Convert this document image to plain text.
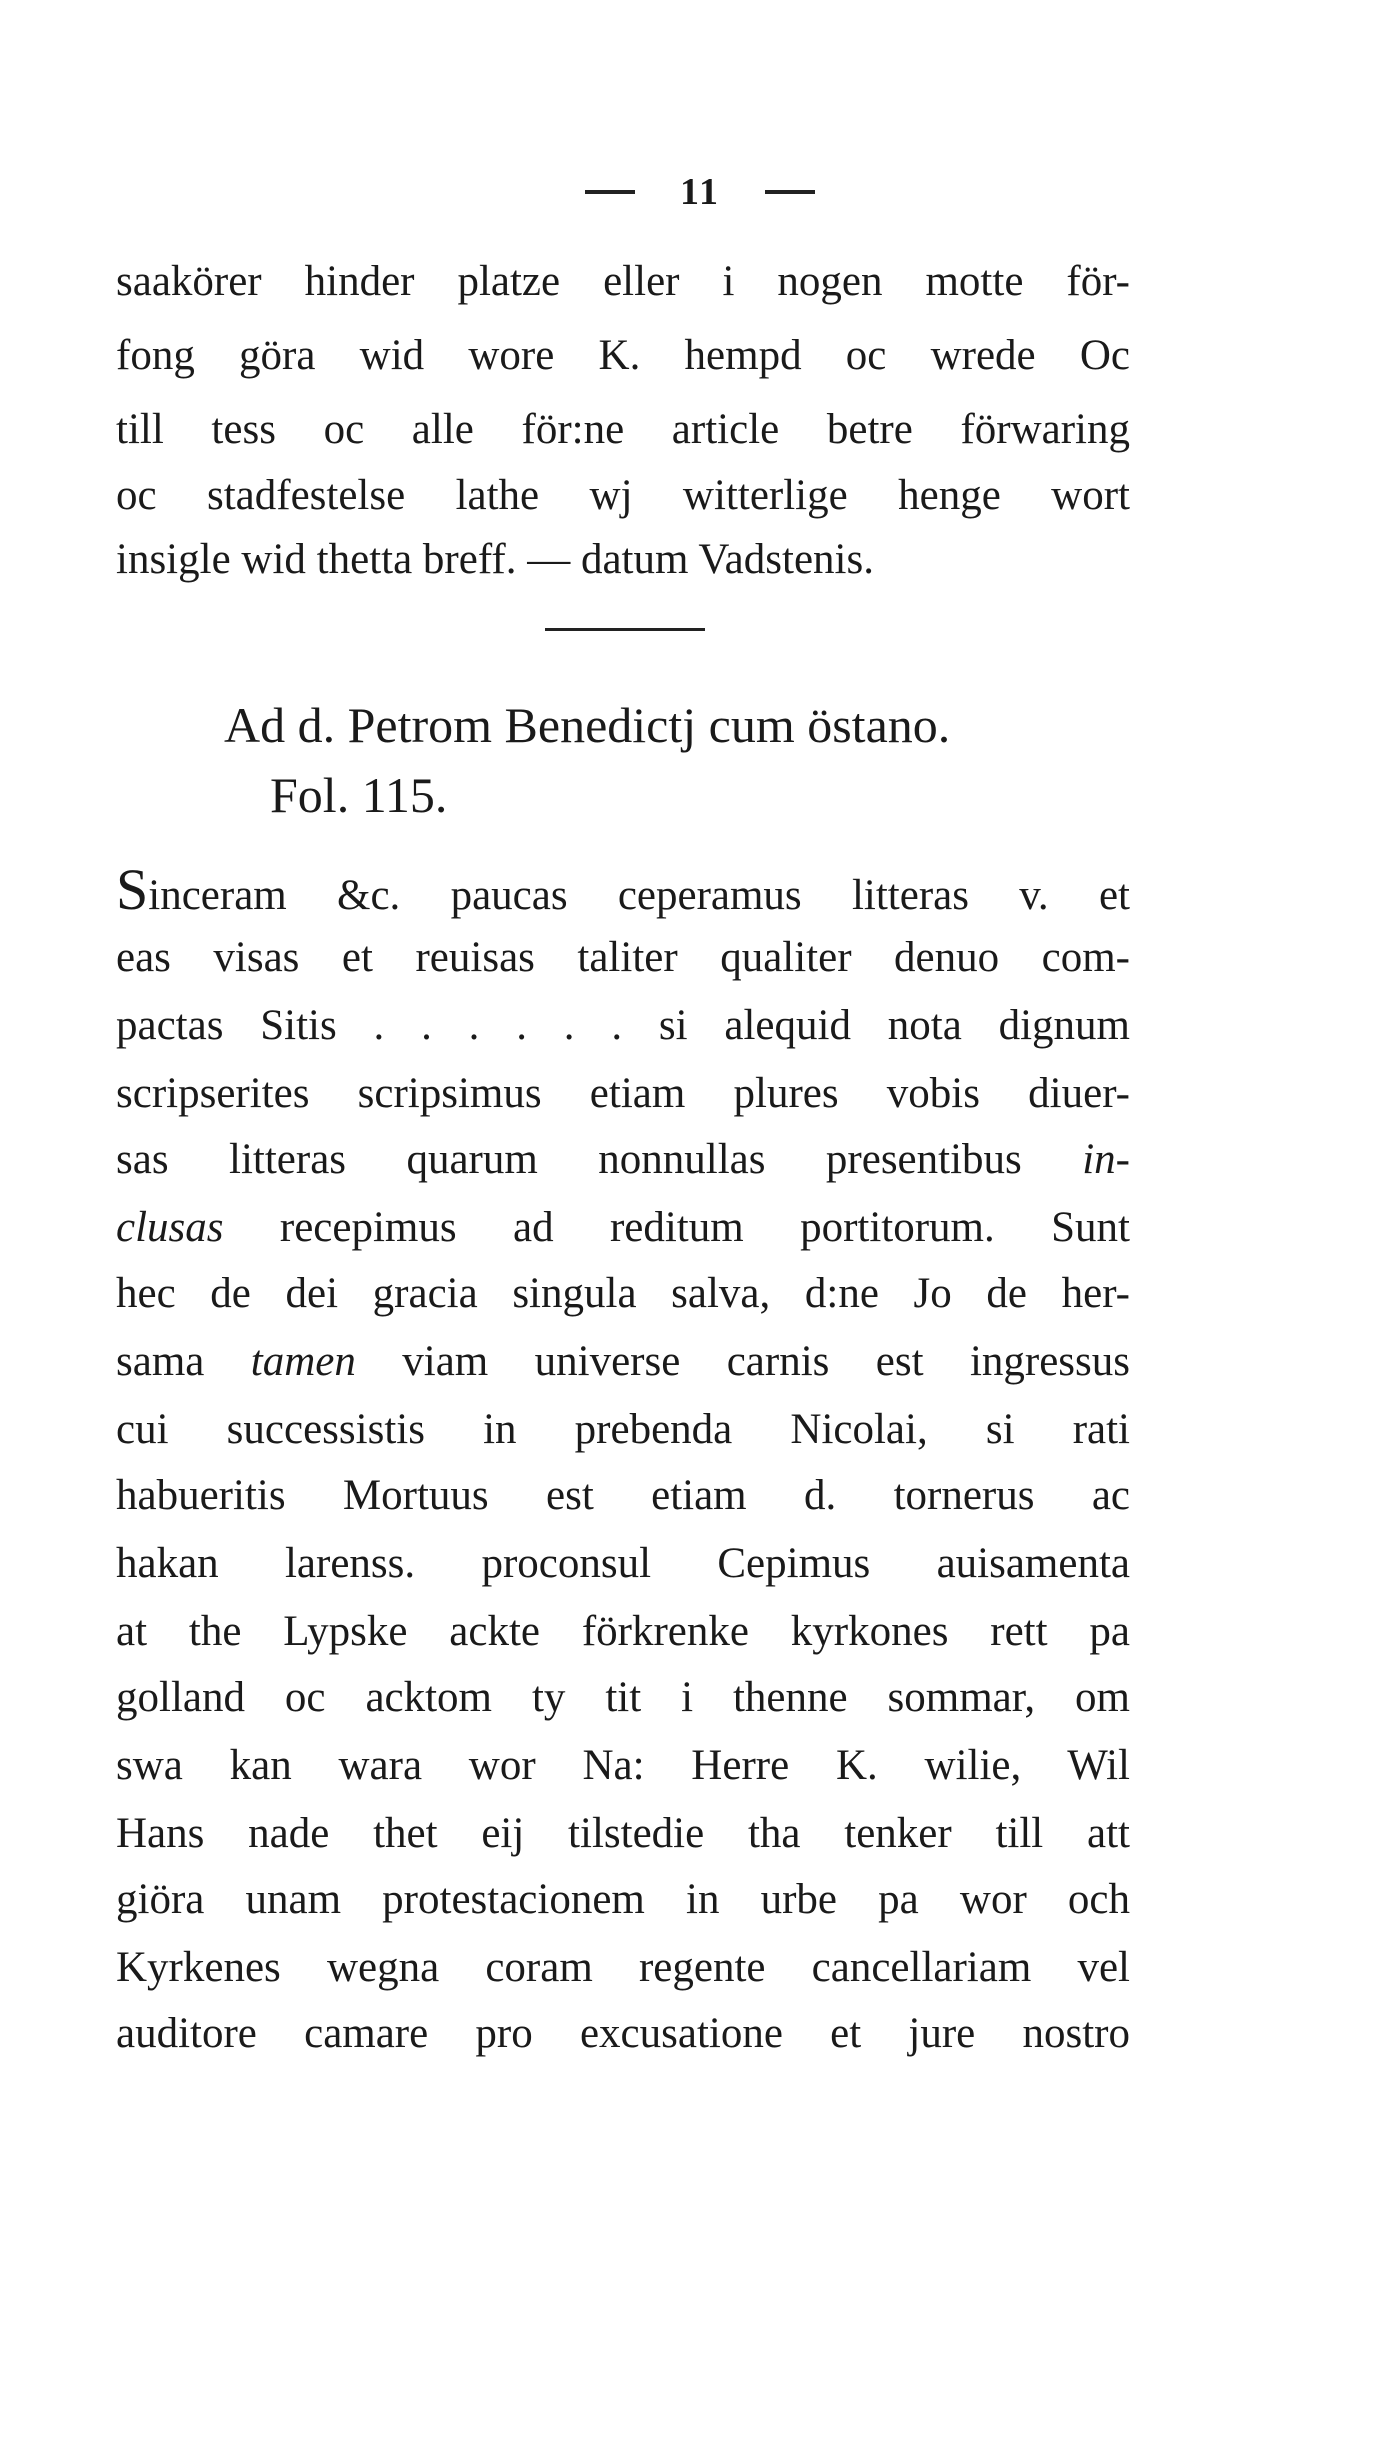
11
saakörer hinder platze eller i nogen motte för-
fong göra wid wore K. hempd oc wrede Oc
till tess oc alle för:ne article betre förwaring
oc stadfestelse lathe wj witterlige henge wort
insigle wid thetta breff. — datum Vadstenis.
Ad d. Petrom Benedictj cum östano.
Fol. 115.
Sinceram &c. paucas ceperamus litteras v. et
eas visas et reuisas taliter qualiter denuo com-
pactas Sitis . . . . . . si alequid nota dignum
scripserites scripsimus etiam plures vobis diuer-
sas litteras quarum nonnullas presentibus in-
clusas recepimus ad reditum portitorum. Sunt
hec de dei gracia singula salva, d:ne Jo de her-
sama tamen viam universe carnis est ingressus
cui successistis in prebenda Nicolai, si rati
habueritis Mortuus est etiam d. tornerus ac
hakan larenss. proconsul Cepimus auisamenta
at the Lypske ackte förkrenke kyrkones rett pa
golland oc acktom ty tit i thenne sommar, om
swa kan wara wor Na: Herre K. wilie, Wil
Hans nade thet eij tilstedie tha tenker till att
giöra unam protestacionem in urbe pa wor och
Kyrkenes wegna coram regente cancellariam vel
auditore camare pro excusatione et jure nostro
